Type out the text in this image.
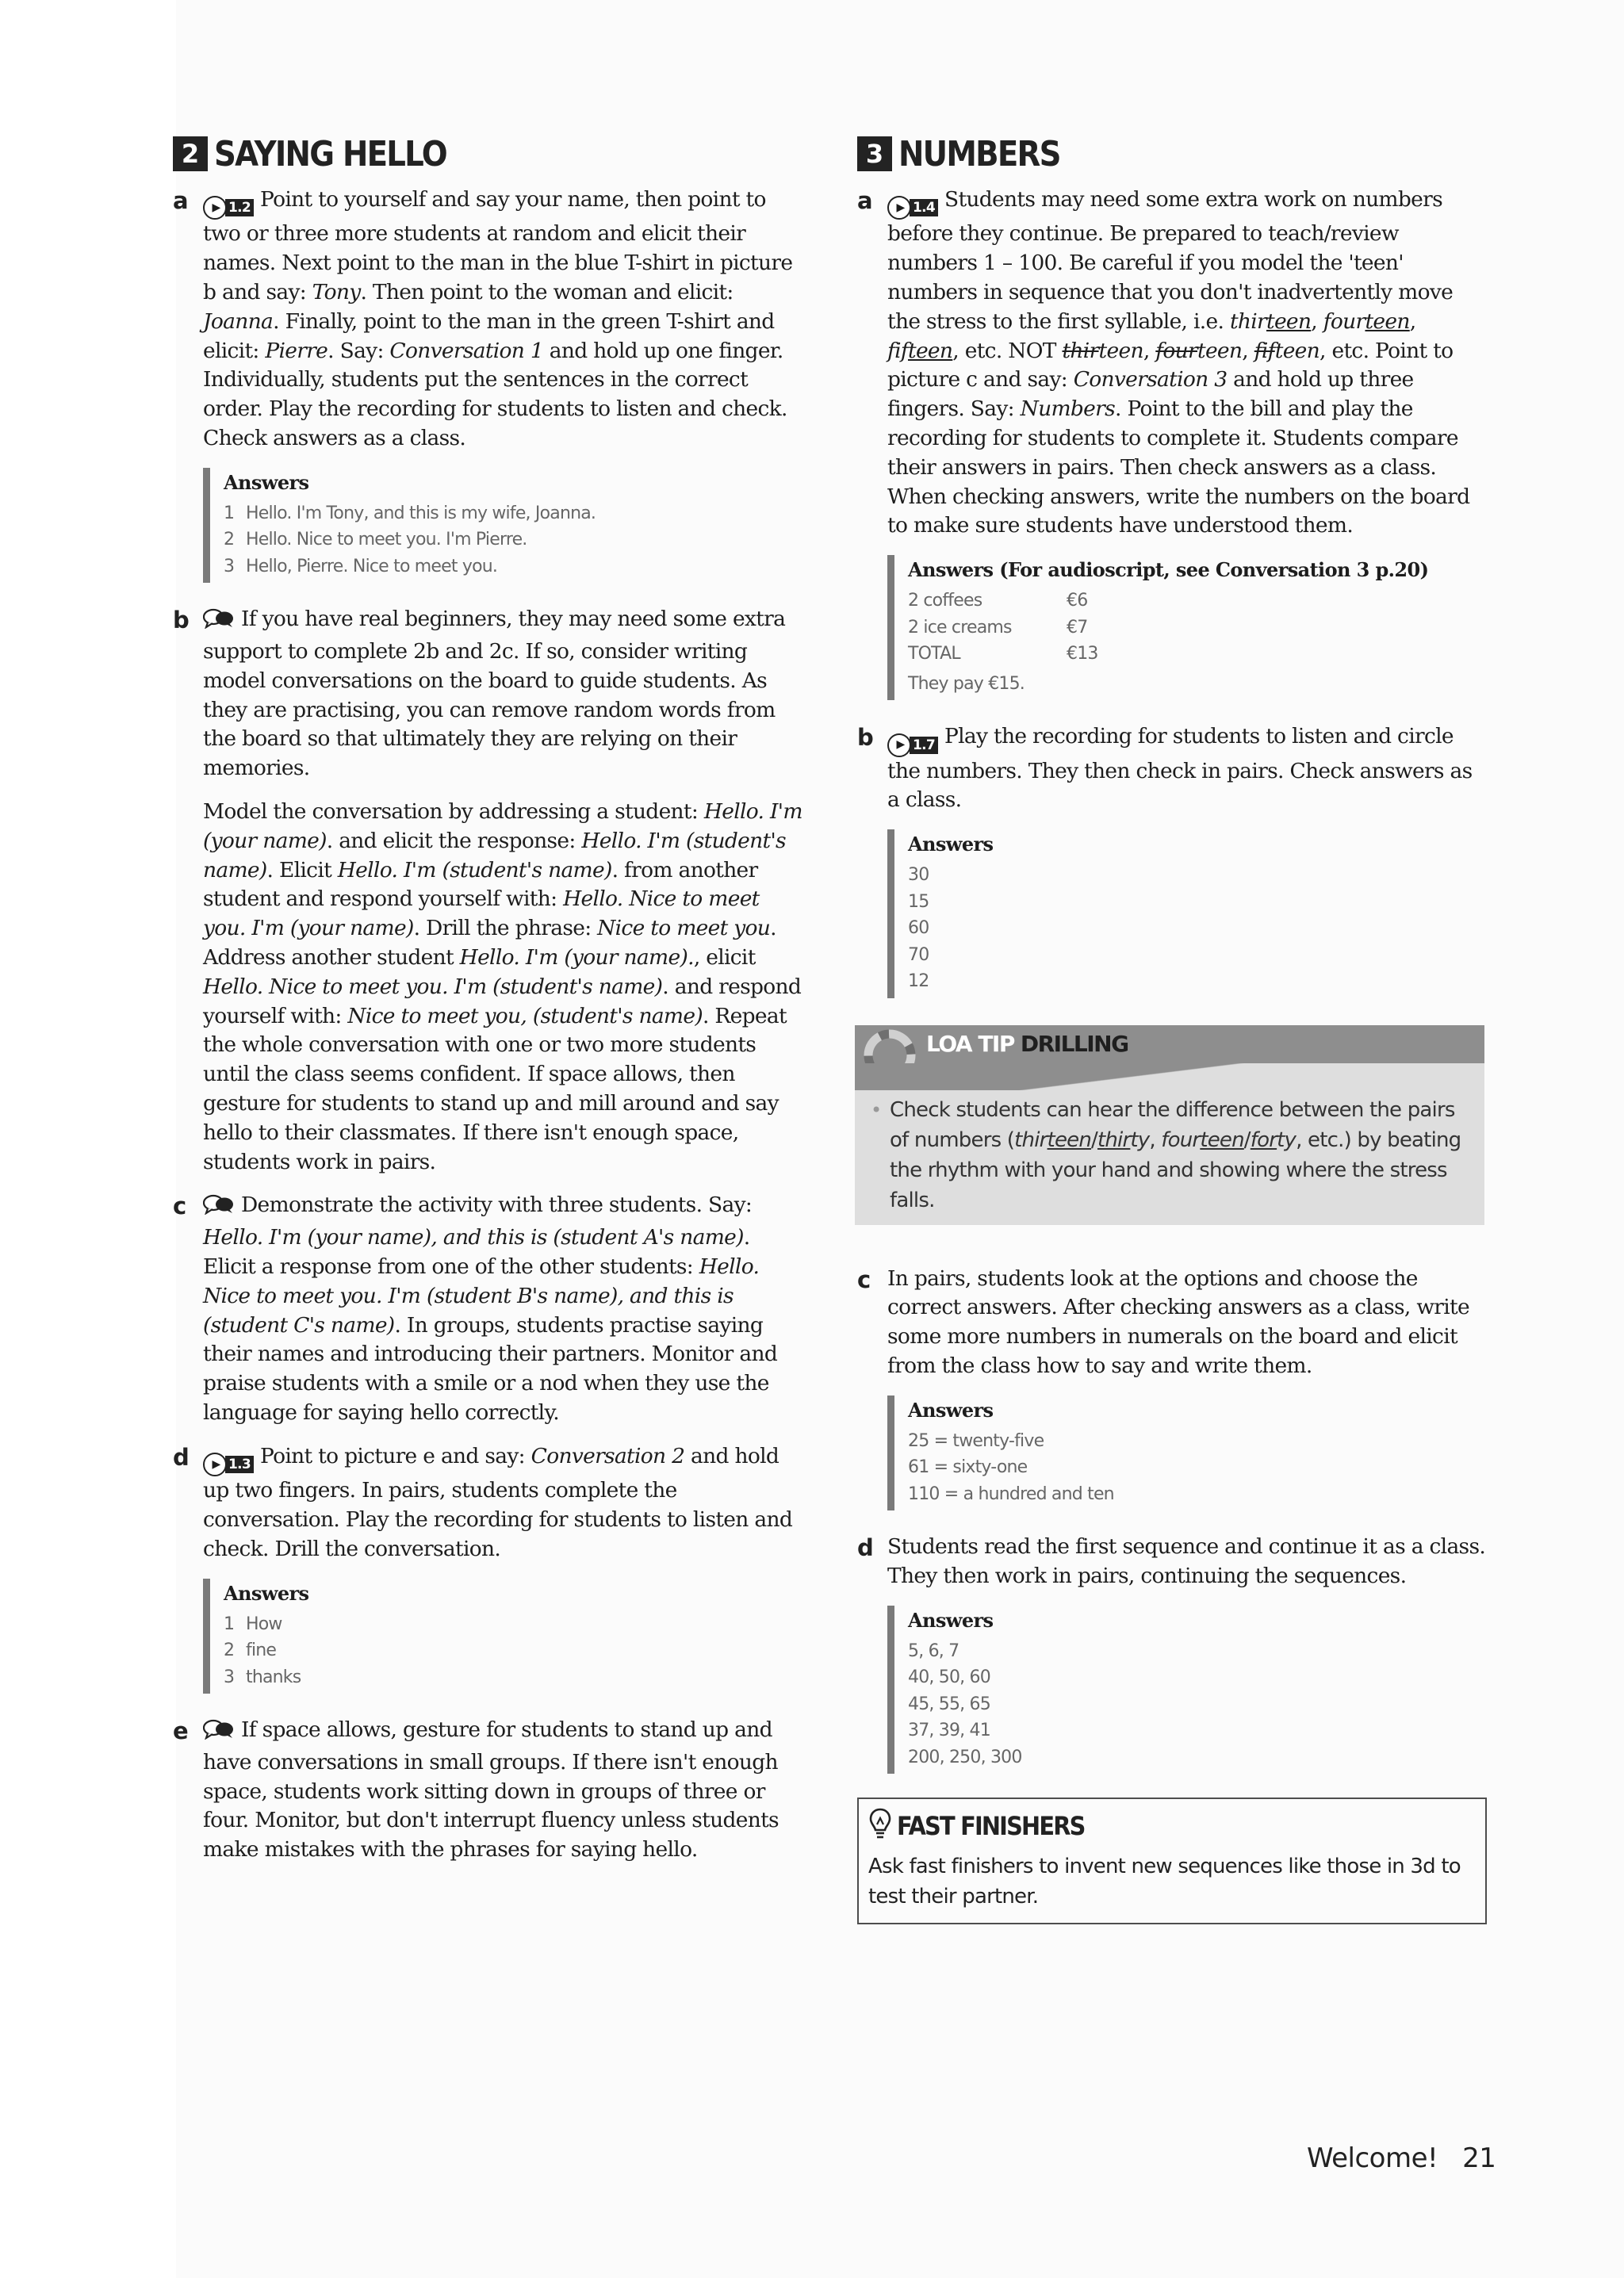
2 SAYING HELLO
a	▶ 1.2 Point to yourself and say your name, then point to two or three more students at random and elicit their names. Next point to the man in the blue T-shirt in picture b and say: Tony. Then point to the woman and elicit: Joanna. Finally, point to the man in the green T-shirt and elicit: Pierre. Say: Conversation 1 and hold up one finger. Individually, students put the sentences in the correct order. Play the recording for students to listen and check. Check answers as a class.

Answers
1 Hello. I'm Tony, and this is my wife, Joanna.
2 Hello. Nice to meet you. I'm Pierre.
3 Hello, Pierre. Nice to meet you.
b	If you have real beginners, they may need some extra support to complete 2b and 2c. If so, consider writing model conversations on the board to guide students. As they are practising, you can remove random words from the board so that ultimately they are relying on their memories.

Model the conversation by addressing a student: Hello. I'm (your name). and elicit the response: Hello. I'm (student's name). Elicit Hello. I'm (student's name). from another student and respond yourself with: Hello. Nice to meet you. I'm (your name). Drill the phrase: Nice to meet you. Address another student Hello. I'm (your name)., elicit Hello. Nice to meet you. I'm (student's name). and respond yourself with: Nice to meet you, (student's name). Repeat the whole conversation with one or two more students until the class seems confident. If space allows, then gesture for students to stand up and mill around and say hello to their classmates. If there isn't enough space, students work in pairs.

c	Demonstrate the activity with three students. Say: Hello. I'm (your name), and this is (student A's name). Elicit a response from one of the other students: Hello. Nice to meet you. I'm (student B's name), and this is (student C's name). In groups, students practise saying their names and introducing their partners. Monitor and praise students with a smile or a nod when they use the language for saying hello correctly.

d	▶ 1.3 Point to picture e and say: Conversation 2 and hold up two fingers. In pairs, students complete the conversation. Play the recording for students to listen and check. Drill the conversation.

Answers
1 How
2 fine
3 thanks
e	If space allows, gesture for students to stand up and have conversations in small groups. If there isn't enough space, students work sitting down in groups of three or four. Monitor, but don't interrupt fluency unless students make mistakes with the phrases for saying hello.

3 NUMBERS
a	▶ 1.4 Students may need some extra work on numbers before they continue. Be prepared to teach/review numbers 1 – 100. Be careful if you model the 'teen' numbers in sequence that you don't inadvertently move the stress to the first syllable, i.e. thirteen, fourteen, fifteen, etc. NOT thirteen, fourteen, fifteen, etc. Point to picture c and say: Conversation 3 and hold up three fingers. Say: Numbers. Point to the bill and play the recording for students to complete it. Students compare their answers in pairs. Then check answers as a class. When checking answers, write the numbers on the board to make sure students have understood them.

Answers (For audioscript, see Conversation 3 p.20)
2 coffees	€6
2 ice creams	€7
TOTAL	€13
They pay €15.
b	▶ 1.7 Play the recording for students to listen and circle the numbers. They then check in pairs. Check answers as a class.

Answers
30
15
60
70
12
LOA TIP DRILLING
• Check students can hear the difference between the pairs of numbers (thirteen/thirty, fourteen/forty, etc.) by beating the rhythm with your hand and showing where the stress falls.
c In pairs, students look at the options and choose the correct answers. After checking answers as a class, write some more numbers in numerals on the board and elicit from the class how to say and write them.

Answers
25 = twenty-five
61 = sixty-one
110 = a hundred and ten
d Students read the first sequence and continue it as a class. They then work in pairs, continuing the sequences.

Answers
5, 6, 7
40, 50, 60
45, 55, 65
37, 39, 41
200, 250, 300
FAST FINISHERS
Ask fast finishers to invent new sequences like those in 3d to test their partner.
Welcome! 21
